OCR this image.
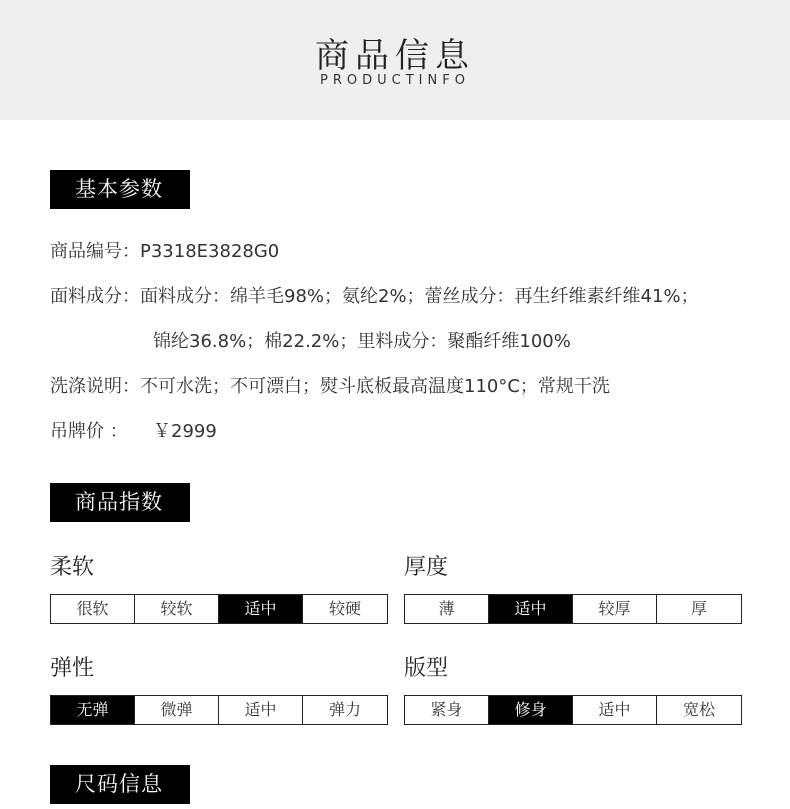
商品信息
PRODUCTINFO
基本参数
商品编号：P3318E3828G0
面料成分：面料成分：绵羊毛98%；氨纶2%；蕾丝成分：再生纤维素纤维41%；
锦纶36.8%；棉22.2%；里料成分：聚酯纤维100%
洗涤说明：不可水洗；不可漂白；熨斗底板最高温度110°C；常规干洗
吊牌价 ： ￥2999
商品指数
柔软
很软	较软	适中	较硬
厚度
薄	适中	较厚	厚
弹性
无弹	微弹	适中	弹力
版型
紧身	修身	适中	宽松
尺码信息
